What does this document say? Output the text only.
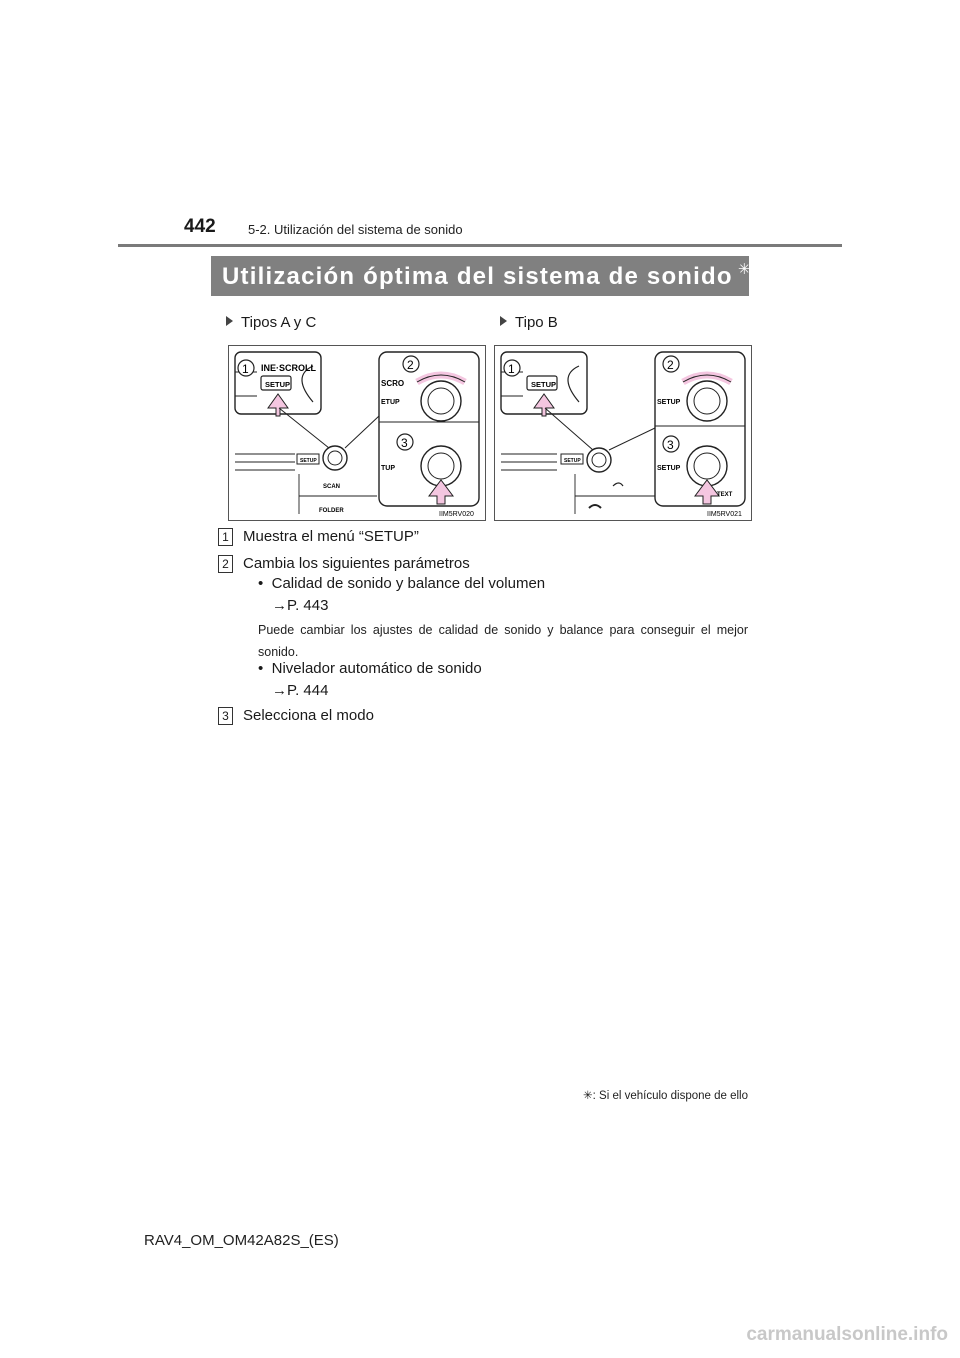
442 5-2. Utilización del sistema de sonido
Utilización óptima del sistema de sonido ✳
Tipos A y C	Tipo B
INE·SCROLL
SETUP
1
SCRO
ETUP
2
TUP
3
SETUP
SCAN
FOLDER	IIM5RV020
SETUP
1
SETUP
2
SETUP
TEXT
3
SETUP
IIM5RV021
1 Muestra el menú “SETUP”
2 Cambia los siguientes parámetros
• Calidad de sonido y balance del volumen
→P. 443
Puede cambiar los ajustes de calidad de sonido y balance para conseguir el mejor sonido.
• Nivelador automático de sonido
→P. 444
3 Selecciona el modo
✳: Si el vehículo dispone de ello
RAV4_OM_OM42A82S_(ES)
carmanualsonline.info
